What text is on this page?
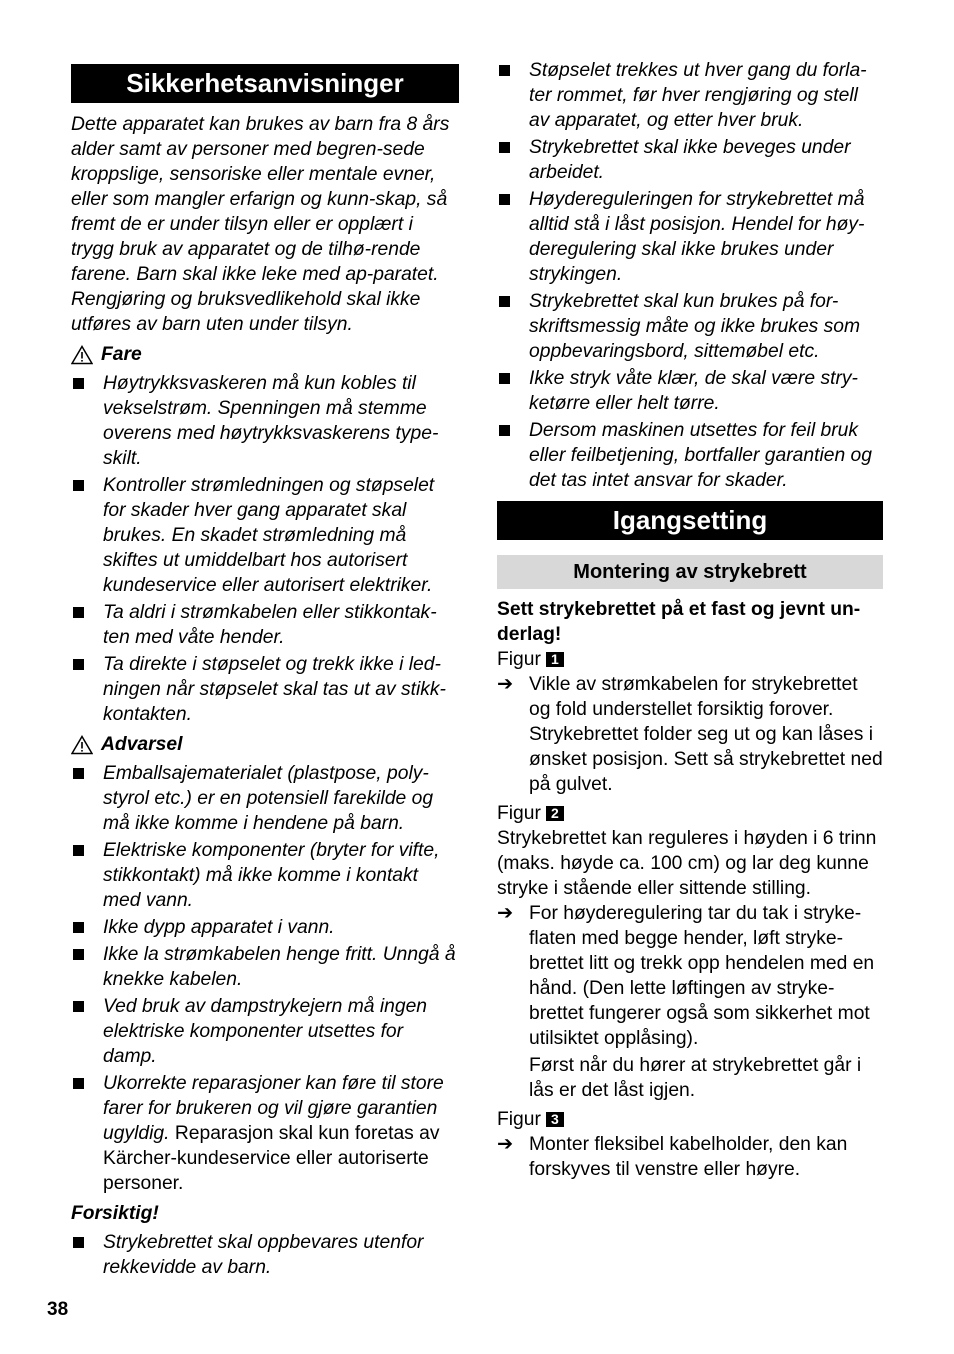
Sikkerhetsanvisninger

Dette apparatet kan brukes av barn fra 8 års alder samt av personer med begren-sede kroppslige, sensoriske eller mentale evner, eller som mangler erfarign og kunn-skap, så fremt de er under tilsyn eller er opplært i trygg bruk av apparatet og de tilhø-rende farene. Barn skal ikke leke med ap-paratet. Rengjøring og bruksvedlikehold skal ikke utføres av barn uten under tilsyn.

Fare
Høytrykksvaskeren må kun kobles til vekselstrøm. Spenningen må stemme overens med høytrykksvaskerens type-skilt.
Kontroller strømledningen og støpselet for skader hver gang apparatet skal brukes. En skadet strømledning må skiftes ut umiddelbart hos autorisert kundeservice eller autorisert elektriker.
Ta aldri i strømkabelen eller stikkontak-ten med våte hender.
Ta direkte i støpselet og trekk ikke i led-ningen når støpselet skal tas ut av stikk-kontakten.
Advarsel
Emballsajematerialet (plastpose, poly-styrol etc.) er en potensiell farekilde og må ikke komme i hendene på barn.
Elektriske komponenter (bryter for vifte, stikkontakt) må ikke komme i kontakt med vann.
Ikke dypp apparatet i vann.
Ikke la strømkabelen henge fritt. Unngå å knekke kabelen.
Ved bruk av dampstrykejern må ingen elektriske komponenter utsettes for damp.
Ukorrekte reparasjoner kan føre til store farer for brukeren og vil gjøre garantien ugyldig. Reparasjon skal kun foretas av Kärcher-kundeservice eller autoriserte personer.

Forsiktig!

Strykebrettet skal oppbevares utenfor rekkevidde av barn.
Støpselet trekkes ut hver gang du forla-ter rommet, før hver rengjøring og stell av apparatet, og etter hver bruk.
Strykebrettet skal ikke beveges under arbeidet.
Høydereguleringen for strykebrettet må alltid stå i låst posisjon. Hendel for høy-deregulering skal ikke brukes under strykingen.
Strykebrettet skal kun brukes på for-skriftsmessig måte og ikke brukes som oppbevaringsbord, sittemøbel etc.
Ikke stryk våte klær, de skal være stry-ketørre eller helt tørre.
Dersom maskinen utsettes for feil bruk eller feilbetjening, bortfaller garantien og det tas intet ansvar for skader.
Igangsetting
Montering av strykebrett

Sett strykebrettet på et fast og jevnt un-derlag!

Figur 1

➔ Vikle av strømkabelen for strykebrettet og fold understellet forsiktig forover. Strykebrettet folder seg ut og kan låses i ønsket posisjon. Sett så strykebrettet ned på gulvet.

Figur 2

Strykebrettet kan reguleres i høyden i 6 trinn (maks. høyde ca. 100 cm) og lar deg kunne stryke i stående eller sittende stilling.

➔ For høyderegulering tar du tak i stryke-flaten med begge hender, løft stryke-brettet litt og trekk opp hendelen med en hånd. (Den lette løftingen av stryke-brettet fungerer også som sikkerhet mot utilsiktet opplåsing).

Først når du hører at strykebrettet går i lås er det låst igjen.

Figur 3

➔ Monter fleksibel kabelholder, den kan forskyves til venstre eller høyre.
38
